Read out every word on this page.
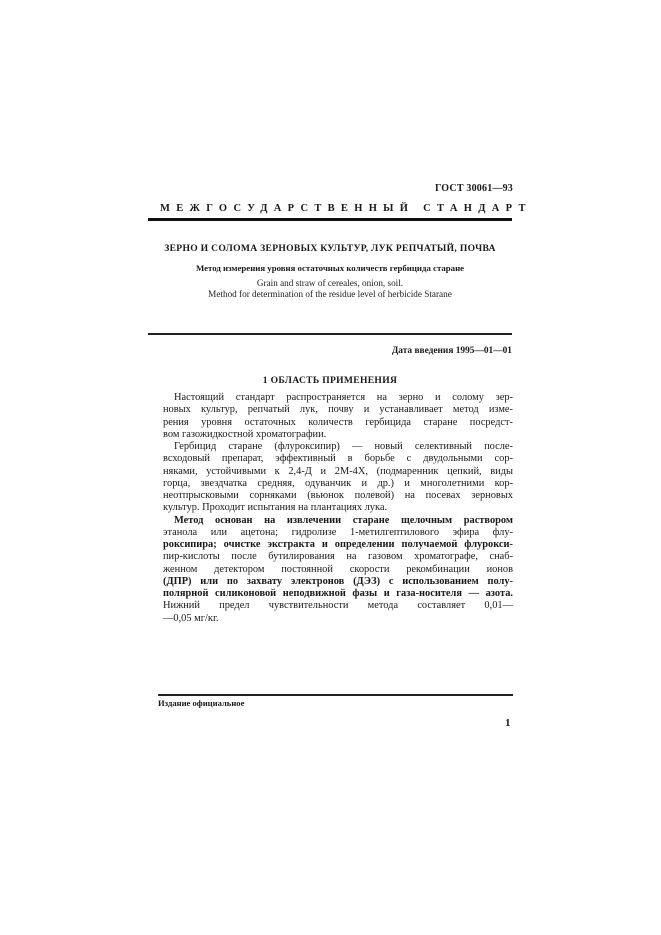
ГОСТ 30061—93
МЕЖГОСУДАРСТВЕННЫЙ СТАНДАРТ
ЗЕРНО И СОЛОМА ЗЕРНОВЫХ КУЛЬТУР, ЛУК РЕПЧАТЫЙ, ПОЧВА
Метод измерения уровня остаточных количеств гербицида старане
Grain and straw of cereales, onion, soil.
Method for determination of the residue level of herbicide Starane
Дата введения 1995—01—01
1 ОБЛАСТЬ ПРИМЕНЕНИЯ
Настоящий стандарт распространяется на зерно и солому зер-
новых культур, репчатый лук, почву и устанавливает метод изме-
рения уровня остаточных количеств гербицида старане посредст-
вом газожидкостной хроматографии.
Гербицид старане (флуроксипир) — новый селективный после-
всходовый препарат, эффективный в борьбе с двудольными сор-
няками, устойчивыми к 2,4-Д и 2М-4Х, (подмаренник цепкий, виды
горца, звездчатка средняя, одуванчик и др.) и многолетними кор-
неотпрысковыми сорняками (вьюнок полевой) на посевах зерновых
культур. Проходит испытания на плантациях лука.
Метод основан на извлечении старане щелочным раствором
этанола или ацетона; гидролизе 1-метилгептилового эфира флу-
роксипира; очистке экстракта и определении получаемой флурокси-
пир-кислоты после бутилирования на газовом хроматографе, снаб-
женном детектором постоянной скорости рекомбинации ионов
(ДПР) или по захвату электронов (ДЭЗ) с использованием полу-
полярной силиконовой неподвижной фазы и газа-носителя — азота.
Нижний предел чувствительности метода составляет 0,01—
—0,05 мг/кг.
Издание официальное
1
